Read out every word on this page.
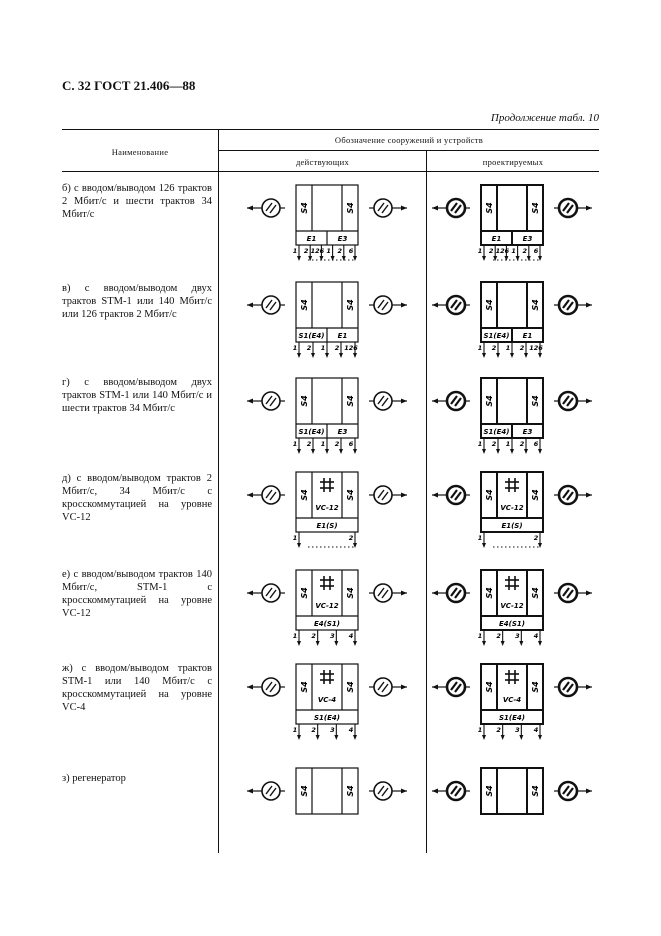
С. 32 ГОСТ 21.406—88
Продолжение табл. 10
Наименование
Обозначение сооружений и устройств
действующих	проектируемых
б) с вводом/выводом 126 трактов 2 Мбит/с и шести трактов 34 Мбит/с
S4	S4
E1	E3
1 2 126 1 2 6
S4	S4
E1	E3
1 2 126 1 2 6
в) с вводом/выводом двух трактов STM-1 или 140 Мбит/с или 126 трактов 2 Мбит/с
S4	S4
S1(E4) E1
1 2 1 2 126
S4	S4
S1(E4) E1
1 2 1 2 126
г) с вводом/выводом двух трактов STM-1 или 140 Мбит/с и шести трактов 34 Мбит/с
S4	S4
S1(E4) E3
1 2 1 2 6
S4	S4
S1(E4) E3
1 2 1 2 6
д) с вводом/выводом трактов 2 Мбит/с, 34 Мбит/с с кросскоммутацией на уровне VC-12
S4	S4
VC-12
E1(S)
1	2
S4	S4
VC-12
E1(S)
1	2
е) с вводом/выводом трактов 140 Мбит/с, STM-1 с кросскоммутацией на уровне VC-12
S4	S4
VC-12
E4(S1)
1 2 3 4
S4	S4
VC-12
E4(S1)
1 2 3 4
ж) с вводом/выводом трактов STM-1 или 140 Мбит/с с кросскоммутацией на уровне VC-4
S4	S4
VC-4
S1(E4)
1 2 3 4
S4	S4
VC-4
S1(E4)
1 2 3 4
з) регенератор
S4	S4	S4	S4
